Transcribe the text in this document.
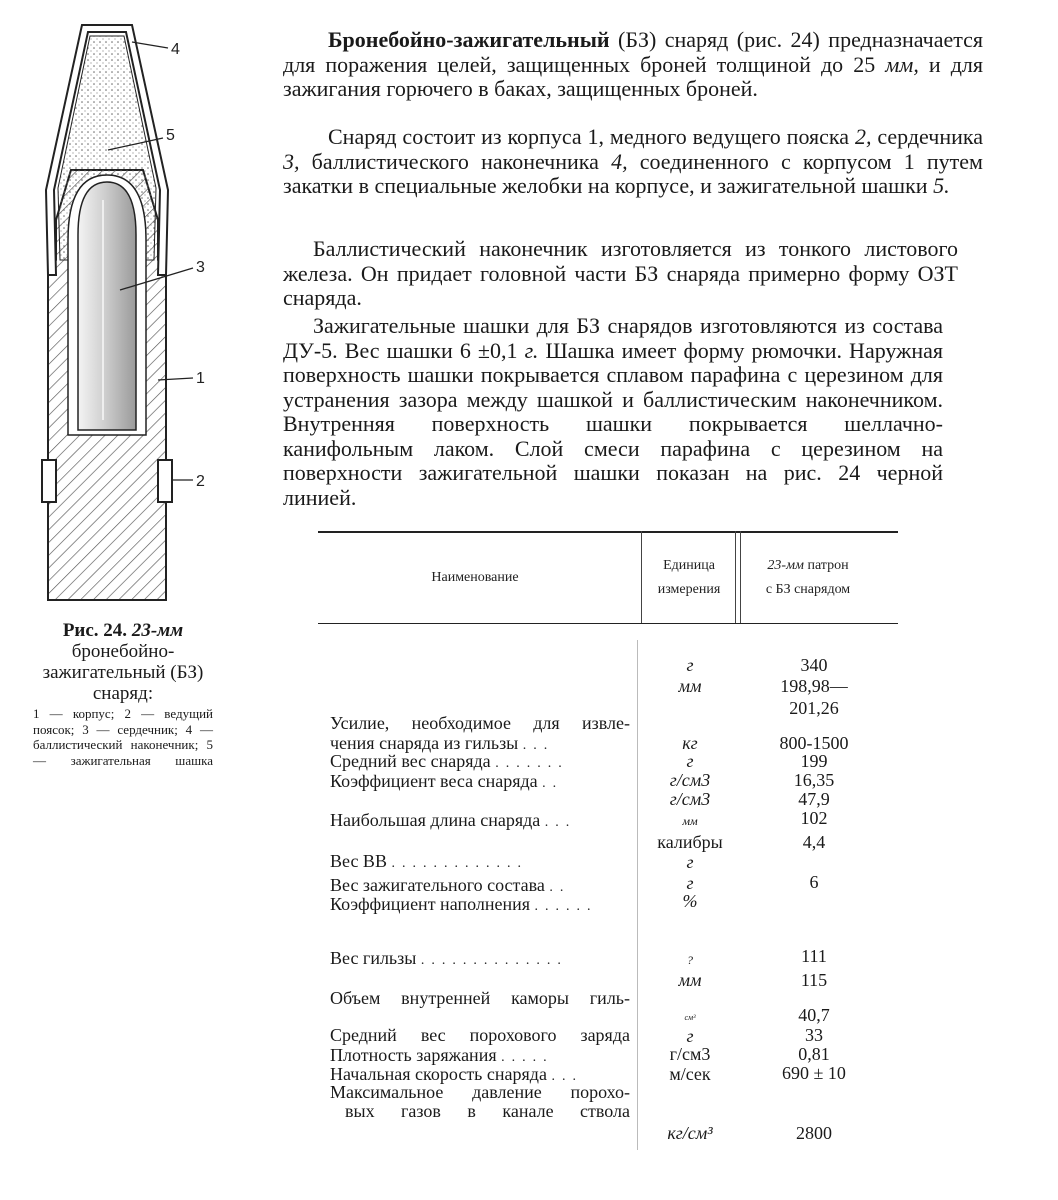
4
5
3
1
2
Рис. 24. 23-мм бронебойно-зажигательный (БЗ) снаряд:
1 — корпус; 2 — ведущий поясок; 3 — сердечник; 4 — баллистический наконечник; 5 — зажигательная шашка
Бронебойно-зажигательный (БЗ) снаряд (рис. 24) предназначается для поражения целей, защищенных броней толщиной до 25 мм, и для зажигания горючего в баках, защищенных броней.
Снаряд состоит из корпуса 1, медного ведущего пояска 2, сердечника 3, баллистического наконечника 4, соединенного с корпусом 1 путем закатки в специальные желобки на корпусе, и зажигательной шашки 5.
Баллистический наконечник изготовляется из тонкого листового железа. Он придает головной части БЗ снаряда примерно форму ОЗТ снаряда.
Зажигательные шашки для БЗ снарядов изготовляются из состава ДУ-5. Вес шашки 6 ±0,1 г. Шашка имеет форму рюмочки. Наружная поверхность шашки покрывается сплавом парафина с церезином для устранения зазора между шашкой и баллистическим наконечником. Внутренняя поверхность шашки покрывается шеллачно-канифольным лаком. Слой смеси парафина с церезином на поверхности зажигательной шашки показан на рис. 24 черной линией.
Наименование
Единица
измерения
23-мм патрон
с БЗ снарядом
Усилие, необходимое для извле-
чения снаряда из гильзы ...
Средний вес снаряда .......
Коэффициент веса снаряда ..
Наибольшая длина снаряда ...
Вес ВВ .............
Вес зажигательного состава ..
Коэффициент наполнения ......
Вес гильзы ..............
Объем внутренней каморы гиль-
Средний вес порохового заряда
Плотность заряжания .....
Начальная скорость снаряда ...
Максимальное давление порохо-
вых газов в канале ствола
г
мм
кг
г
г/см3
г/см3
мм
калибры
г
г
%
?
мм
см³
г
г/см3
м/сек
кг/см³
340
198,98—
201,26
800-1500
199
16,35
47,9
102
4,4
6
111
115
40,7
33
0,81
690 ± 10
2800
